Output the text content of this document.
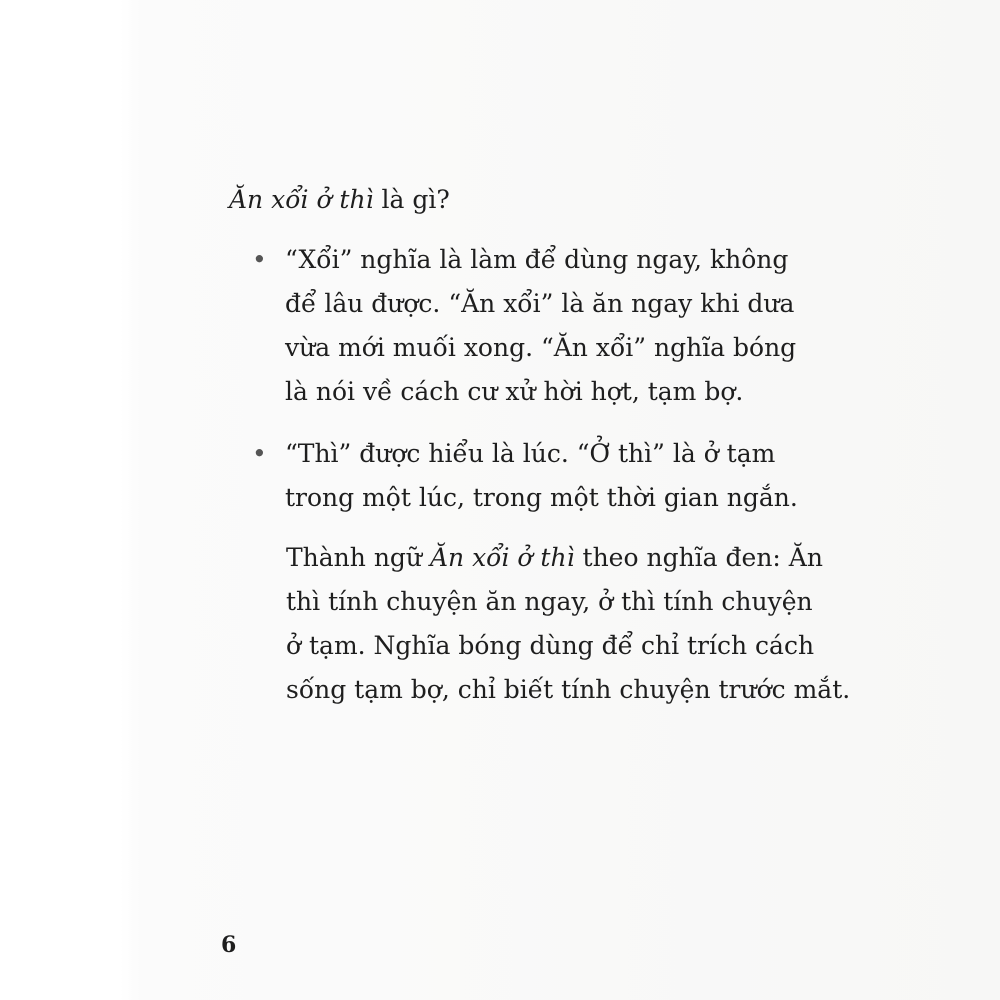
Ăn xổi ở thì là gì?
• “Xổi” nghĩa là làm để dùng ngay, không
để lâu được. “Ăn xổi” là ăn ngay khi dưa
vừa mới muối xong. “Ăn xổi” nghĩa bóng
là nói về cách cư xử hời hợt, tạm bợ.
• “Thì” được hiểu là lúc. “Ở thì” là ở tạm
trong một lúc, trong một thời gian ngắn.
Thành ngữ Ăn xổi ở thì theo nghĩa đen: Ăn
thì tính chuyện ăn ngay, ở thì tính chuyện
ở tạm. Nghĩa bóng dùng để chỉ trích cách
sống tạm bợ, chỉ biết tính chuyện trước mắt.
6
